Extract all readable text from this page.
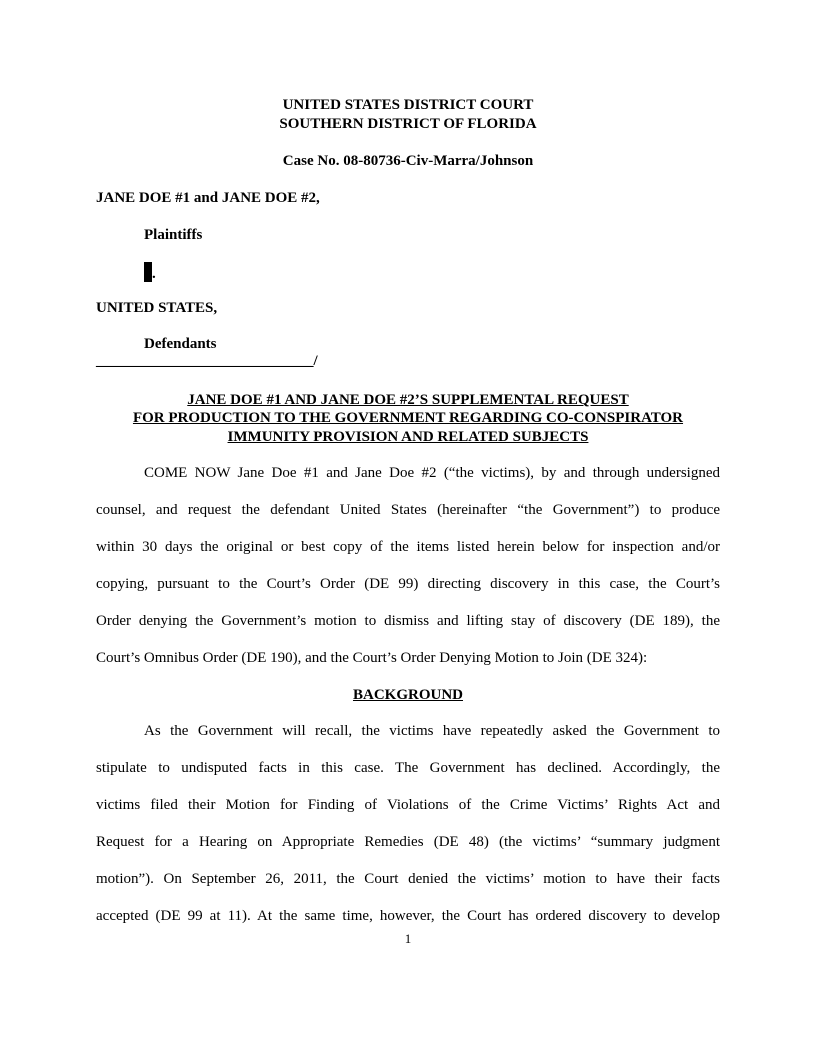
UNITED STATES DISTRICT COURT
SOUTHERN DISTRICT OF FLORIDA
Case No. 08-80736-Civ-Marra/Johnson
JANE DOE #1 and JANE DOE #2,
Plaintiffs
.
UNITED STATES,
Defendants
_____________________________/
JANE DOE #1 AND JANE DOE #2’S SUPPLEMENTAL REQUEST
FOR PRODUCTION TO THE GOVERNMENT REGARDING CO-CONSPIRATOR
IMMUNITY PROVISION AND RELATED SUBJECTS
COME NOW Jane Doe #1 and Jane Doe #2 (“the victims), by and through undersigned
counsel, and request the defendant United States (hereinafter “the Government”) to produce
within 30 days the original or best copy of the items listed herein below for inspection and/or
copying, pursuant to the Court’s Order (DE 99) directing discovery in this case, the Court’s
Order denying the Government’s motion to dismiss and lifting stay of discovery (DE 189), the
Court’s Omnibus Order (DE 190), and the Court’s Order Denying Motion to Join (DE 324):
BACKGROUND
As the Government will recall, the victims have repeatedly asked the Government to
stipulate to undisputed facts in this case. The Government has declined. Accordingly, the
victims filed their Motion for Finding of Violations of the Crime Victims’ Rights Act and
Request for a Hearing on Appropriate Remedies (DE 48) (the victims’ “summary judgment
motion”). On September 26, 2011, the Court denied the victims’ motion to have their facts
accepted (DE 99 at 11). At the same time, however, the Court has ordered discovery to develop
1
